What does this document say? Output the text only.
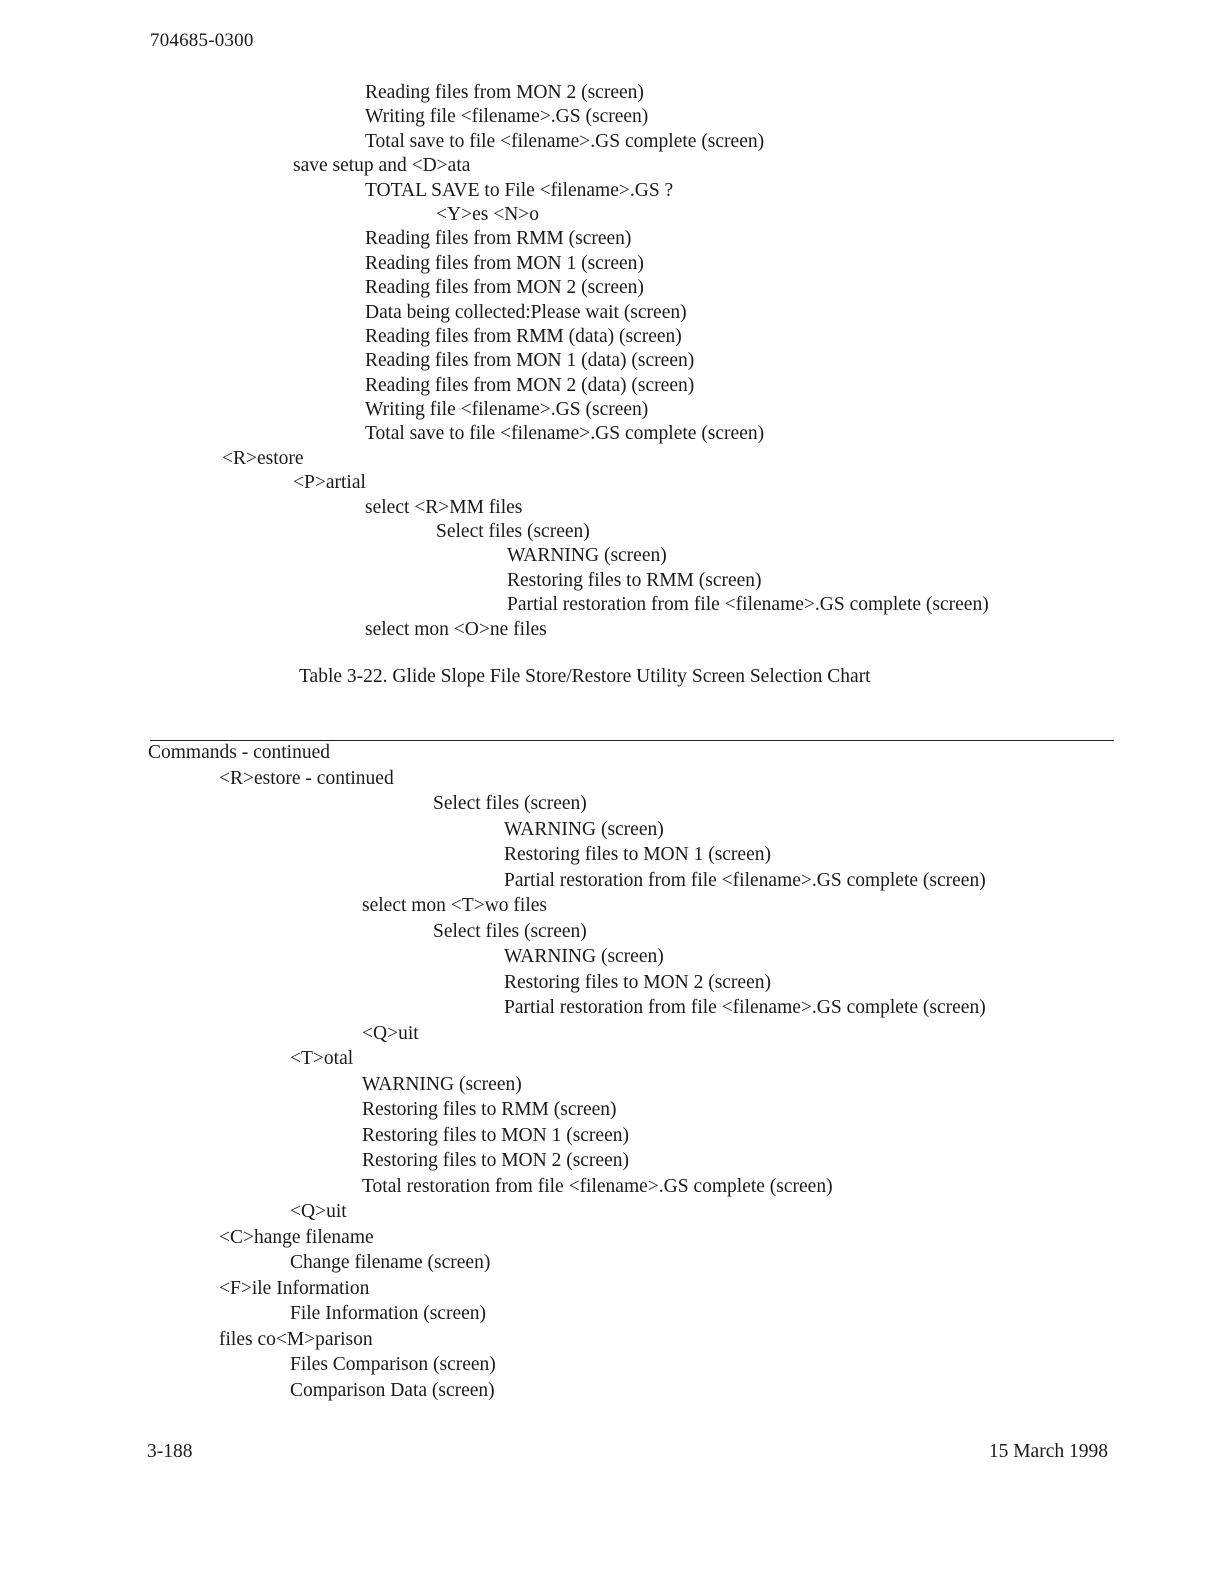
704685-0300
Reading files from MON 2 (screen)
Writing file <filename>.GS (screen)
Total save to file <filename>.GS complete (screen)
save setup and <D>ata
TOTAL SAVE to File <filename>.GS ?
<Y>es <N>o
Reading files from RMM (screen)
Reading files from MON 1 (screen)
Reading files from MON 2 (screen)
Data being collected:Please wait (screen)
Reading files from RMM (data) (screen)
Reading files from MON 1 (data) (screen)
Reading files from MON 2 (data) (screen)
Writing file <filename>.GS (screen)
Total save to file <filename>.GS complete (screen)
<R>estore
<P>artial
select <R>MM files
Select files (screen)
WARNING (screen)
Restoring files to RMM (screen)
Partial restoration from file <filename>.GS complete (screen)
select mon <O>ne files
Table 3-22. Glide Slope File Store/Restore Utility Screen Selection Chart
Commands - continued
<R>estore - continued
Select files (screen)
WARNING (screen)
Restoring files to MON 1 (screen)
Partial restoration from file <filename>.GS complete (screen)
select mon <T>wo files
Select files (screen)
WARNING (screen)
Restoring files to MON 2 (screen)
Partial restoration from file <filename>.GS complete (screen)
<Q>uit
<T>otal
WARNING (screen)
Restoring files to RMM (screen)
Restoring files to MON 1 (screen)
Restoring files to MON 2 (screen)
Total restoration from file <filename>.GS complete (screen)
<Q>uit
<C>hange filename
Change filename (screen)
<F>ile Information
File Information (screen)
files co<M>parison
Files Comparison (screen)
Comparison Data (screen)
3-188	15 March 1998
